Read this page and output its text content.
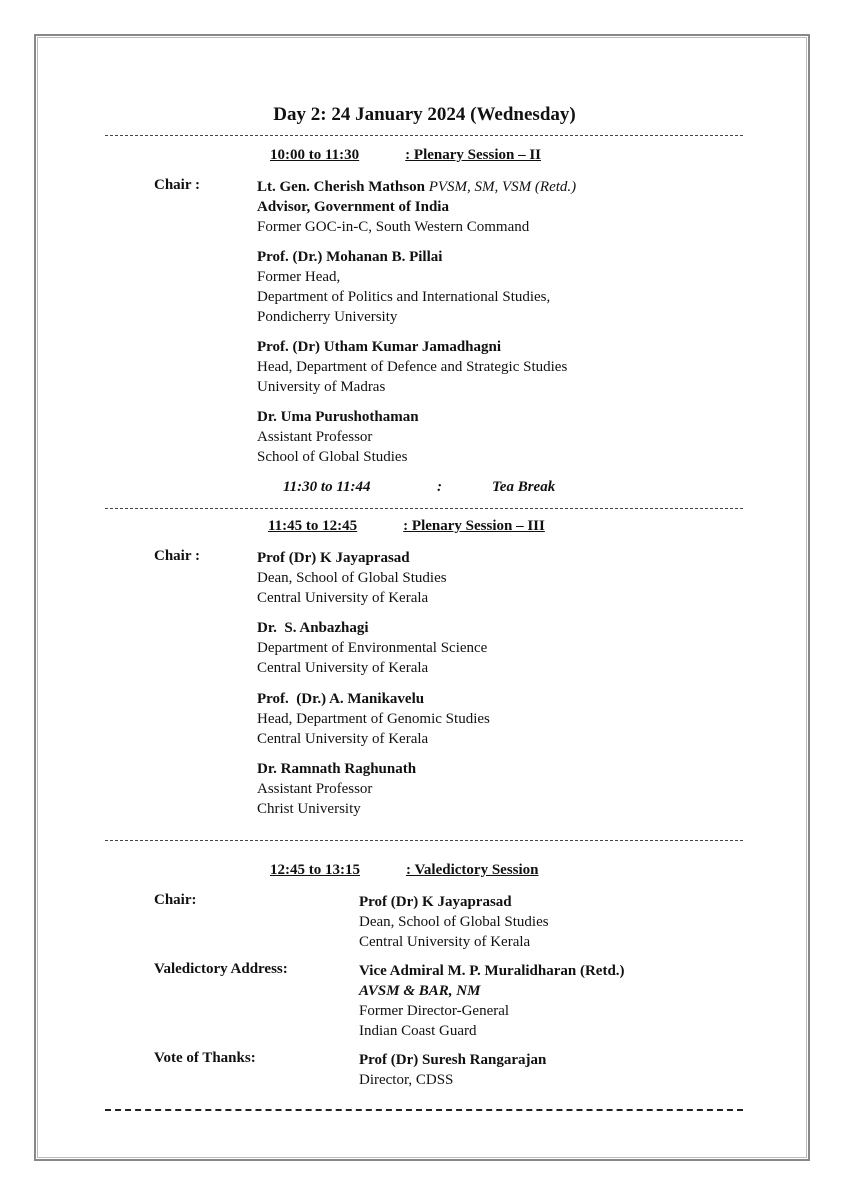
Day 2: 24 January 2024 (Wednesday)
10:00 to 11:30	: Plenary Session – II
Chair :	Lt. Gen. Cherish Mathson PVSM, SM, VSM (Retd.)
Advisor, Government of India
Former GOC-in-C, South Western Command
Prof. (Dr.) Mohanan B. Pillai
Former Head,
Department of Politics and International Studies,
Pondicherry University
Prof. (Dr) Utham Kumar Jamadhagni
Head, Department of Defence and Strategic Studies
University of Madras
Dr. Uma Purushothaman
Assistant Professor
School of Global Studies
11:30 to 11:44	:	Tea Break
11:45 to 12:45	: Plenary Session – III
Chair :	Prof (Dr) K Jayaprasad
Dean, School of Global Studies
Central University of Kerala
Dr.  S. Anbazhagi
Department of Environmental Science
Central University of Kerala
Prof.  (Dr.) A. Manikavelu
Head, Department of Genomic Studies
Central University of Kerala
Dr. Ramnath Raghunath
Assistant Professor
Christ University
12:45 to 13:15	: Valedictory Session
Chair:	Prof (Dr) K Jayaprasad
Dean, School of Global Studies
Central University of Kerala
Valedictory Address:	Vice Admiral M. P. Muralidharan (Retd.)
AVSM & BAR, NM
Former Director-General
Indian Coast Guard
Vote of Thanks:	Prof (Dr) Suresh Rangarajan
Director, CDSS
